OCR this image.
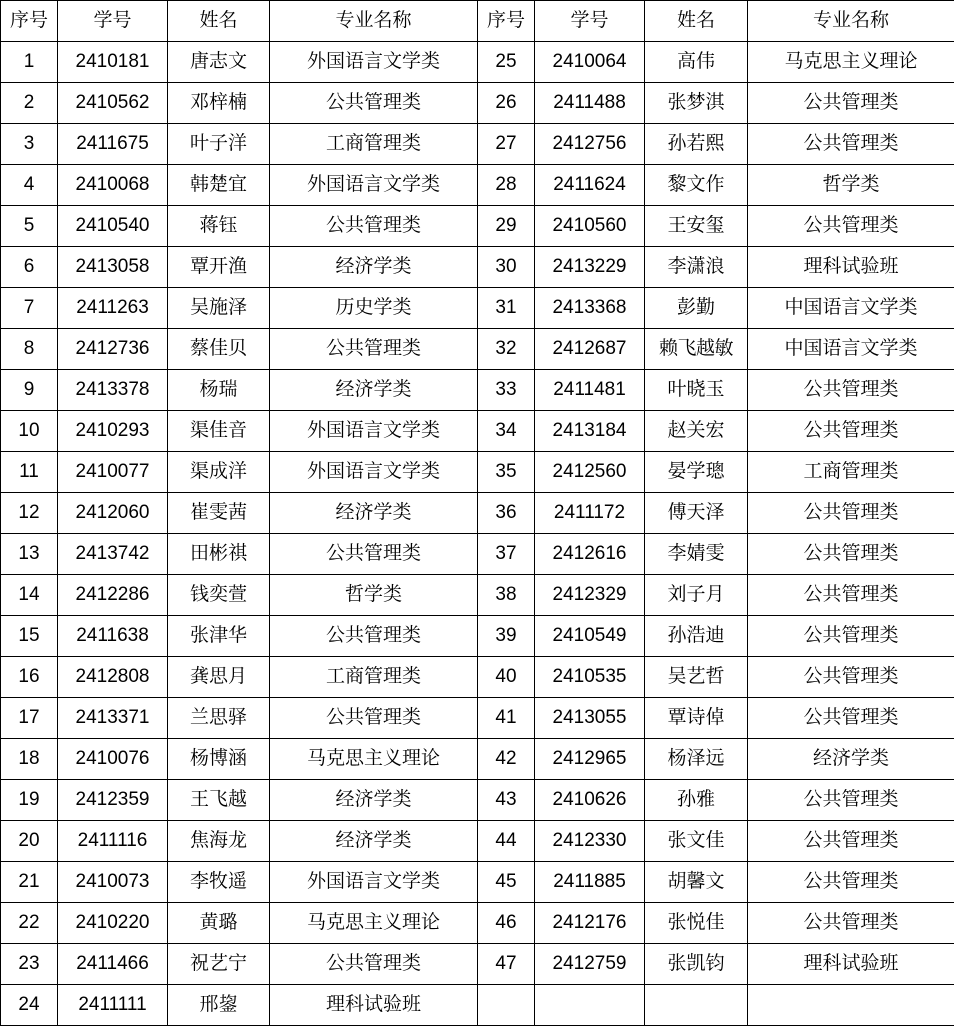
序号	学号	姓名	专业名称
1	2410181	唐志文	外国语言文学类
2	2410562	邓梓楠	公共管理类
3	2411675	叶子洋	工商管理类
4	2410068	韩楚宜	外国语言文学类
5	2410540	蒋钰	公共管理类
6	2413058	覃开渔	经济学类
7	2411263	吴施泽	历史学类
8	2412736	蔡佳贝	公共管理类
9	2413378	杨瑞	经济学类
10	2410293	渠佳音	外国语言文学类
11	2410077	渠成洋	外国语言文学类
12	2412060	崔雯茜	经济学类
13	2413742	田彬祺	公共管理类
14	2412286	钱奕萱	哲学类
15	2411638	张津华	公共管理类
16	2412808	龚思月	工商管理类
17	2413371	兰思驿	公共管理类
18	2410076	杨博涵	马克思主义理论
19	2412359	王飞越	经济学类
20	2411116	焦海龙	经济学类
21	2410073	李牧遥	外国语言文学类
22	2410220	黄璐	马克思主义理论
23	2411466	祝艺宁	公共管理类
24	2411111	邢鋆	理科试验班
序号	学号	姓名	专业名称
25	2410064	高伟	马克思主义理论
26	2411488	张梦淇	公共管理类
27	2412756	孙若熙	公共管理类
28	2411624	黎文作	哲学类
29	2410560	王安玺	公共管理类
30	2413229	李潇浪	理科试验班
31	2413368	彭勤	中国语言文学类
32	2412687	赖飞越敏	中国语言文学类
33	2411481	叶晓玉	公共管理类
34	2413184	赵关宏	公共管理类
35	2412560	晏学璁	工商管理类
36	2411172	傅天泽	公共管理类
37	2412616	李婧雯	公共管理类
38	2412329	刘子月	公共管理类
39	2410549	孙浩迪	公共管理类
40	2410535	吴艺哲	公共管理类
41	2413055	覃诗倬	公共管理类
42	2412965	杨泽远	经济学类
43	2410626	孙雅	公共管理类
44	2412330	张文佳	公共管理类
45	2411885	胡馨文	公共管理类
46	2412176	张悦佳	公共管理类
47	2412759	张凯钧	理科试验班
